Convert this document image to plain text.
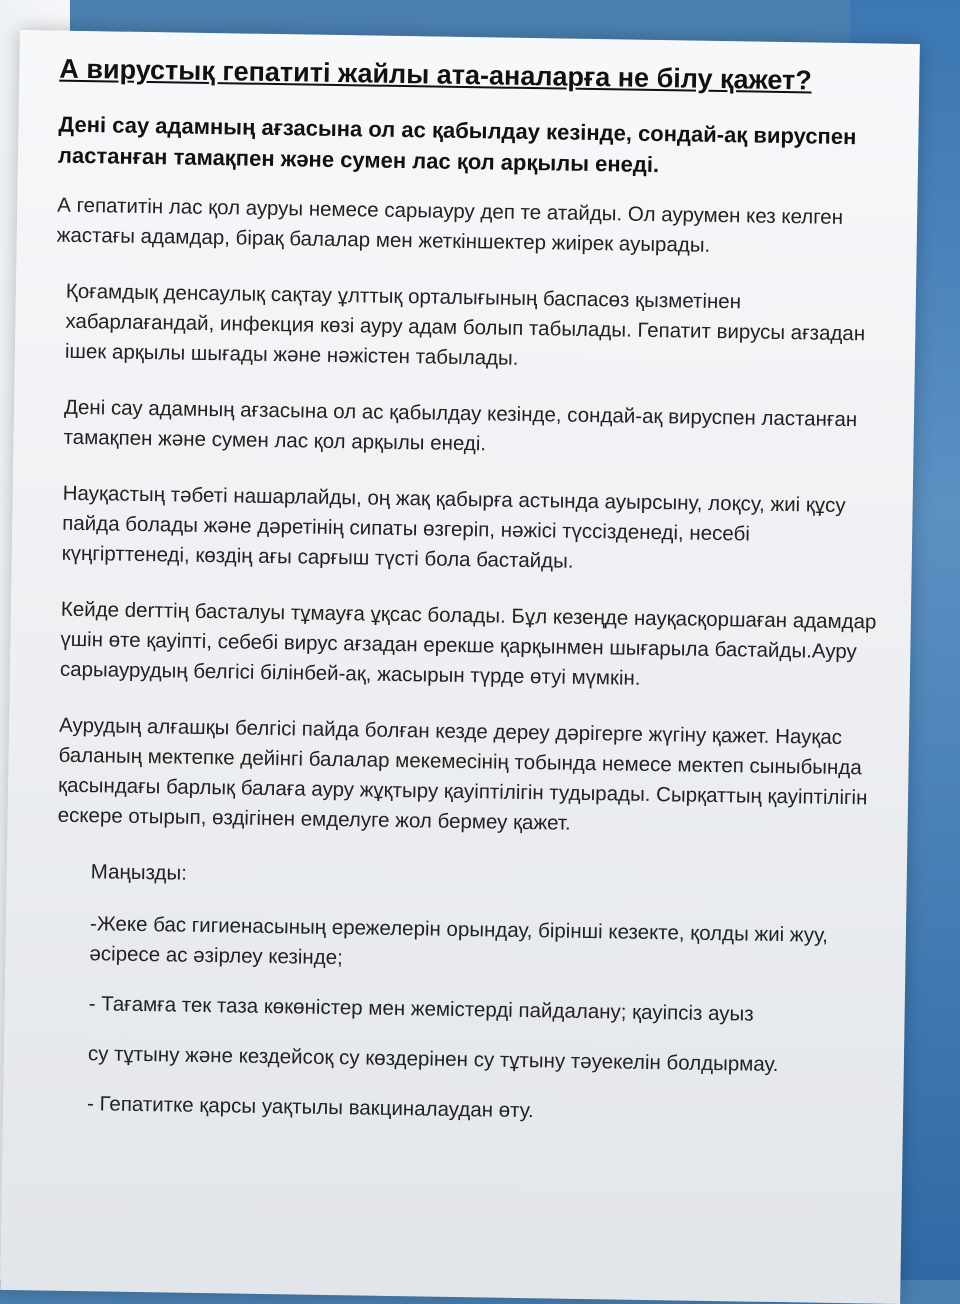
А вирустық гепатиті жайлы ата-аналарға не білу қажет?
Дені сау адамның ағзасына ол ас қабылдау кезінде, сондай-ақ вируспен ластанған тамақпен және сумен лас қол арқылы енеді.
А гепатитін лас қол ауруы немесе сарыауру деп те атайды. Ол аурумен кез келген жастағы адамдар, бірақ балалар мен жеткіншектер жиірек ауырады.
Қоғамдық денсаулық сақтау ұлттық орталығының баспасөз қызметінен хабарлағандай, инфекция көзі ауру адам болып табылады. Гепатит вирусы ағзадан ішек арқылы шығады және нәжістен табылады.
Дені сау адамның ағзасына ол ас қабылдау кезінде, сондай-ақ вируспен ластанған тамақпен және сумен лас қол арқылы енеді.
Науқастың тәбеті нашарлайды, оң жақ қабырға астында ауырсыну, лоқсу, жиі құсу пайда болады және дәретінің сипаты өзгеріп, нәжісі түссізденеді, несебі күңгірттенеді, көздің ағы сарғыш түсті бола бастайды.
Кейде derттің басталуы тұмауға ұқсас болады. Бұл кезеңде науқасқоршаған адамдар үшін өте қауіпті, себебі вирус ағзадан ерекше қарқынмен шығарыла бастайды.Ауру сарыаурудың белгісі білінбей-ақ, жасырын түрде өтуі мүмкін.
Аурудың алғашқы белгісі пайда болған кезде дереу дәрігерге жүгіну қажет. Науқас баланың мектепке дейінгі балалар мекемесінің тобында немесе мектеп сыныбында қасындағы барлық балаға ауру жұқтыру қауіптілігін тудырады. Сырқаттың қауіптілігін ескере отырып, өздігінен емделуге жол бермеу қажет.
Маңызды:
-Жеке бас гигиенасының ережелерін орындау, бірінші кезекте, қолды жиі жуу, әсіресе ас әзірлеу кезінде;
- Тағамға тек таза көкөністер мен жемістерді пайдалану; қауіпсіз ауыз
су тұтыну және кездейсоқ су көздерінен су тұтыну тәуекелін болдырмау.
- Гепатитке қарсы уақтылы вакциналаудан өту.
